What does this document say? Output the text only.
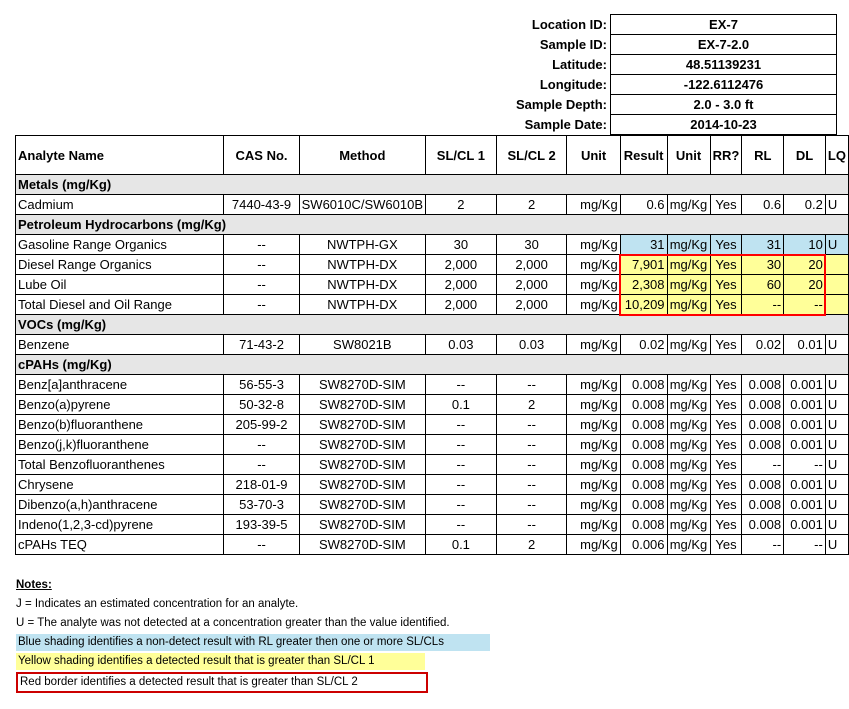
Location ID:	EX-7
Sample ID:	EX-7-2.0
Latitude:	48.51139231
Longitude:	-122.6112476
Sample Depth:	2.0 - 3.0 ft
Sample Date:	2014-10-23
Analyte Name	CAS No.	Method	SL/CL 1	SL/CL 2	Unit	Result	Unit	RR?	RL	DL	LQ
Metals (mg/Kg)											
Cadmium	7440-43-9	SW6010C/SW6010B	2	2	mg/Kg	0.6	mg/Kg	Yes	0.6	0.2	U
Petroleum Hydrocarbons (mg/Kg)											
Gasoline Range Organics	--	NWTPH-GX	30	30	mg/Kg	31	mg/Kg	Yes	31	10	U
Diesel Range Organics	--	NWTPH-DX	2,000	2,000	mg/Kg	7,901	mg/Kg	Yes	30	20	
Lube Oil	--	NWTPH-DX	2,000	2,000	mg/Kg	2,308	mg/Kg	Yes	60	20	
Total Diesel and Oil Range	--	NWTPH-DX	2,000	2,000	mg/Kg	10,209	mg/Kg	Yes	--	--	
VOCs (mg/Kg)											
Benzene	71-43-2	SW8021B	0.03	0.03	mg/Kg	0.02	mg/Kg	Yes	0.02	0.01	U
cPAHs (mg/Kg)											
Benz[a]anthracene	56-55-3	SW8270D-SIM	--	--	mg/Kg	0.008	mg/Kg	Yes	0.008	0.001	U
Benzo(a)pyrene	50-32-8	SW8270D-SIM	0.1	2	mg/Kg	0.008	mg/Kg	Yes	0.008	0.001	U
Benzo(b)fluoranthene	205-99-2	SW8270D-SIM	--	--	mg/Kg	0.008	mg/Kg	Yes	0.008	0.001	U
Benzo(j,k)fluoranthene	--	SW8270D-SIM	--	--	mg/Kg	0.008	mg/Kg	Yes	0.008	0.001	U
Total Benzofluoranthenes	--	SW8270D-SIM	--	--	mg/Kg	0.008	mg/Kg	Yes	--	--	U
Chrysene	218-01-9	SW8270D-SIM	--	--	mg/Kg	0.008	mg/Kg	Yes	0.008	0.001	U
Dibenzo(a,h)anthracene	53-70-3	SW8270D-SIM	--	--	mg/Kg	0.008	mg/Kg	Yes	0.008	0.001	U
Indeno(1,2,3-cd)pyrene	193-39-5	SW8270D-SIM	--	--	mg/Kg	0.008	mg/Kg	Yes	0.008	0.001	U
cPAHs TEQ	--	SW8270D-SIM	0.1	2	mg/Kg	0.006	mg/Kg	Yes	--	--	U
Notes:
J = Indicates an estimated concentration for an analyte.
U = The analyte was not detected at a concentration greater than the value identified.
Blue shading identifies a non-detect result with RL greater then one or more SL/CLs
Yellow shading identifies a detected result that is greater than SL/CL 1
Red border identifies a detected result that is greater than SL/CL 2
